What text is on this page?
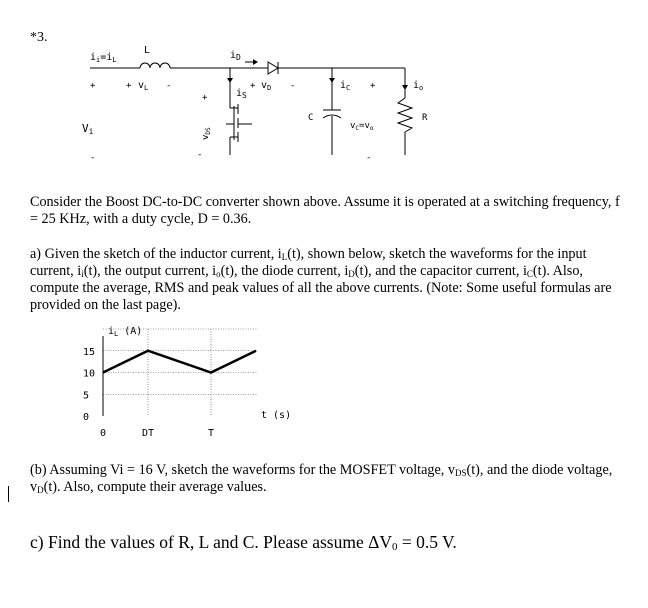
*3.
$i_i=i_L$
L
+	+ $v_L$ -
$i_D$
+ $v_D$ -
+	$i_S$
$i_C$ +	$i_o$
C
$v_C=v_o$
R
Vi
-
$v_{DS}$
-	-
Consider the Boost DC-to-DC converter shown above. Assume it is operated at a switching frequency, f
= 25 KHz, with a duty cycle, D = 0.36.
a) Given the sketch of the inductor current, $i_L(t)$, shown below, sketch the waveforms for the input
current, $i_i(t)$, the output current, $i_o(t)$, the diode current, $i_D(t)$, and the capacitor current, $i_C(t)$. Also,
compute the average, RMS and peak values of all the above currents. (Note: Some useful formulas are
provided on the last page).
0
5
10
15
0	DT	T
$i_L$ (A)
t (s)
(b) Assuming Vi = 16 V, sketch the waveforms for the MOSFET voltage, $v_{DS}(t)$, and the diode voltage,
$v_D(t)$. Also, compute their average values.
c) Find the values of R, L and C. Please assume $\Delta V_0 = 0.5$ V.
